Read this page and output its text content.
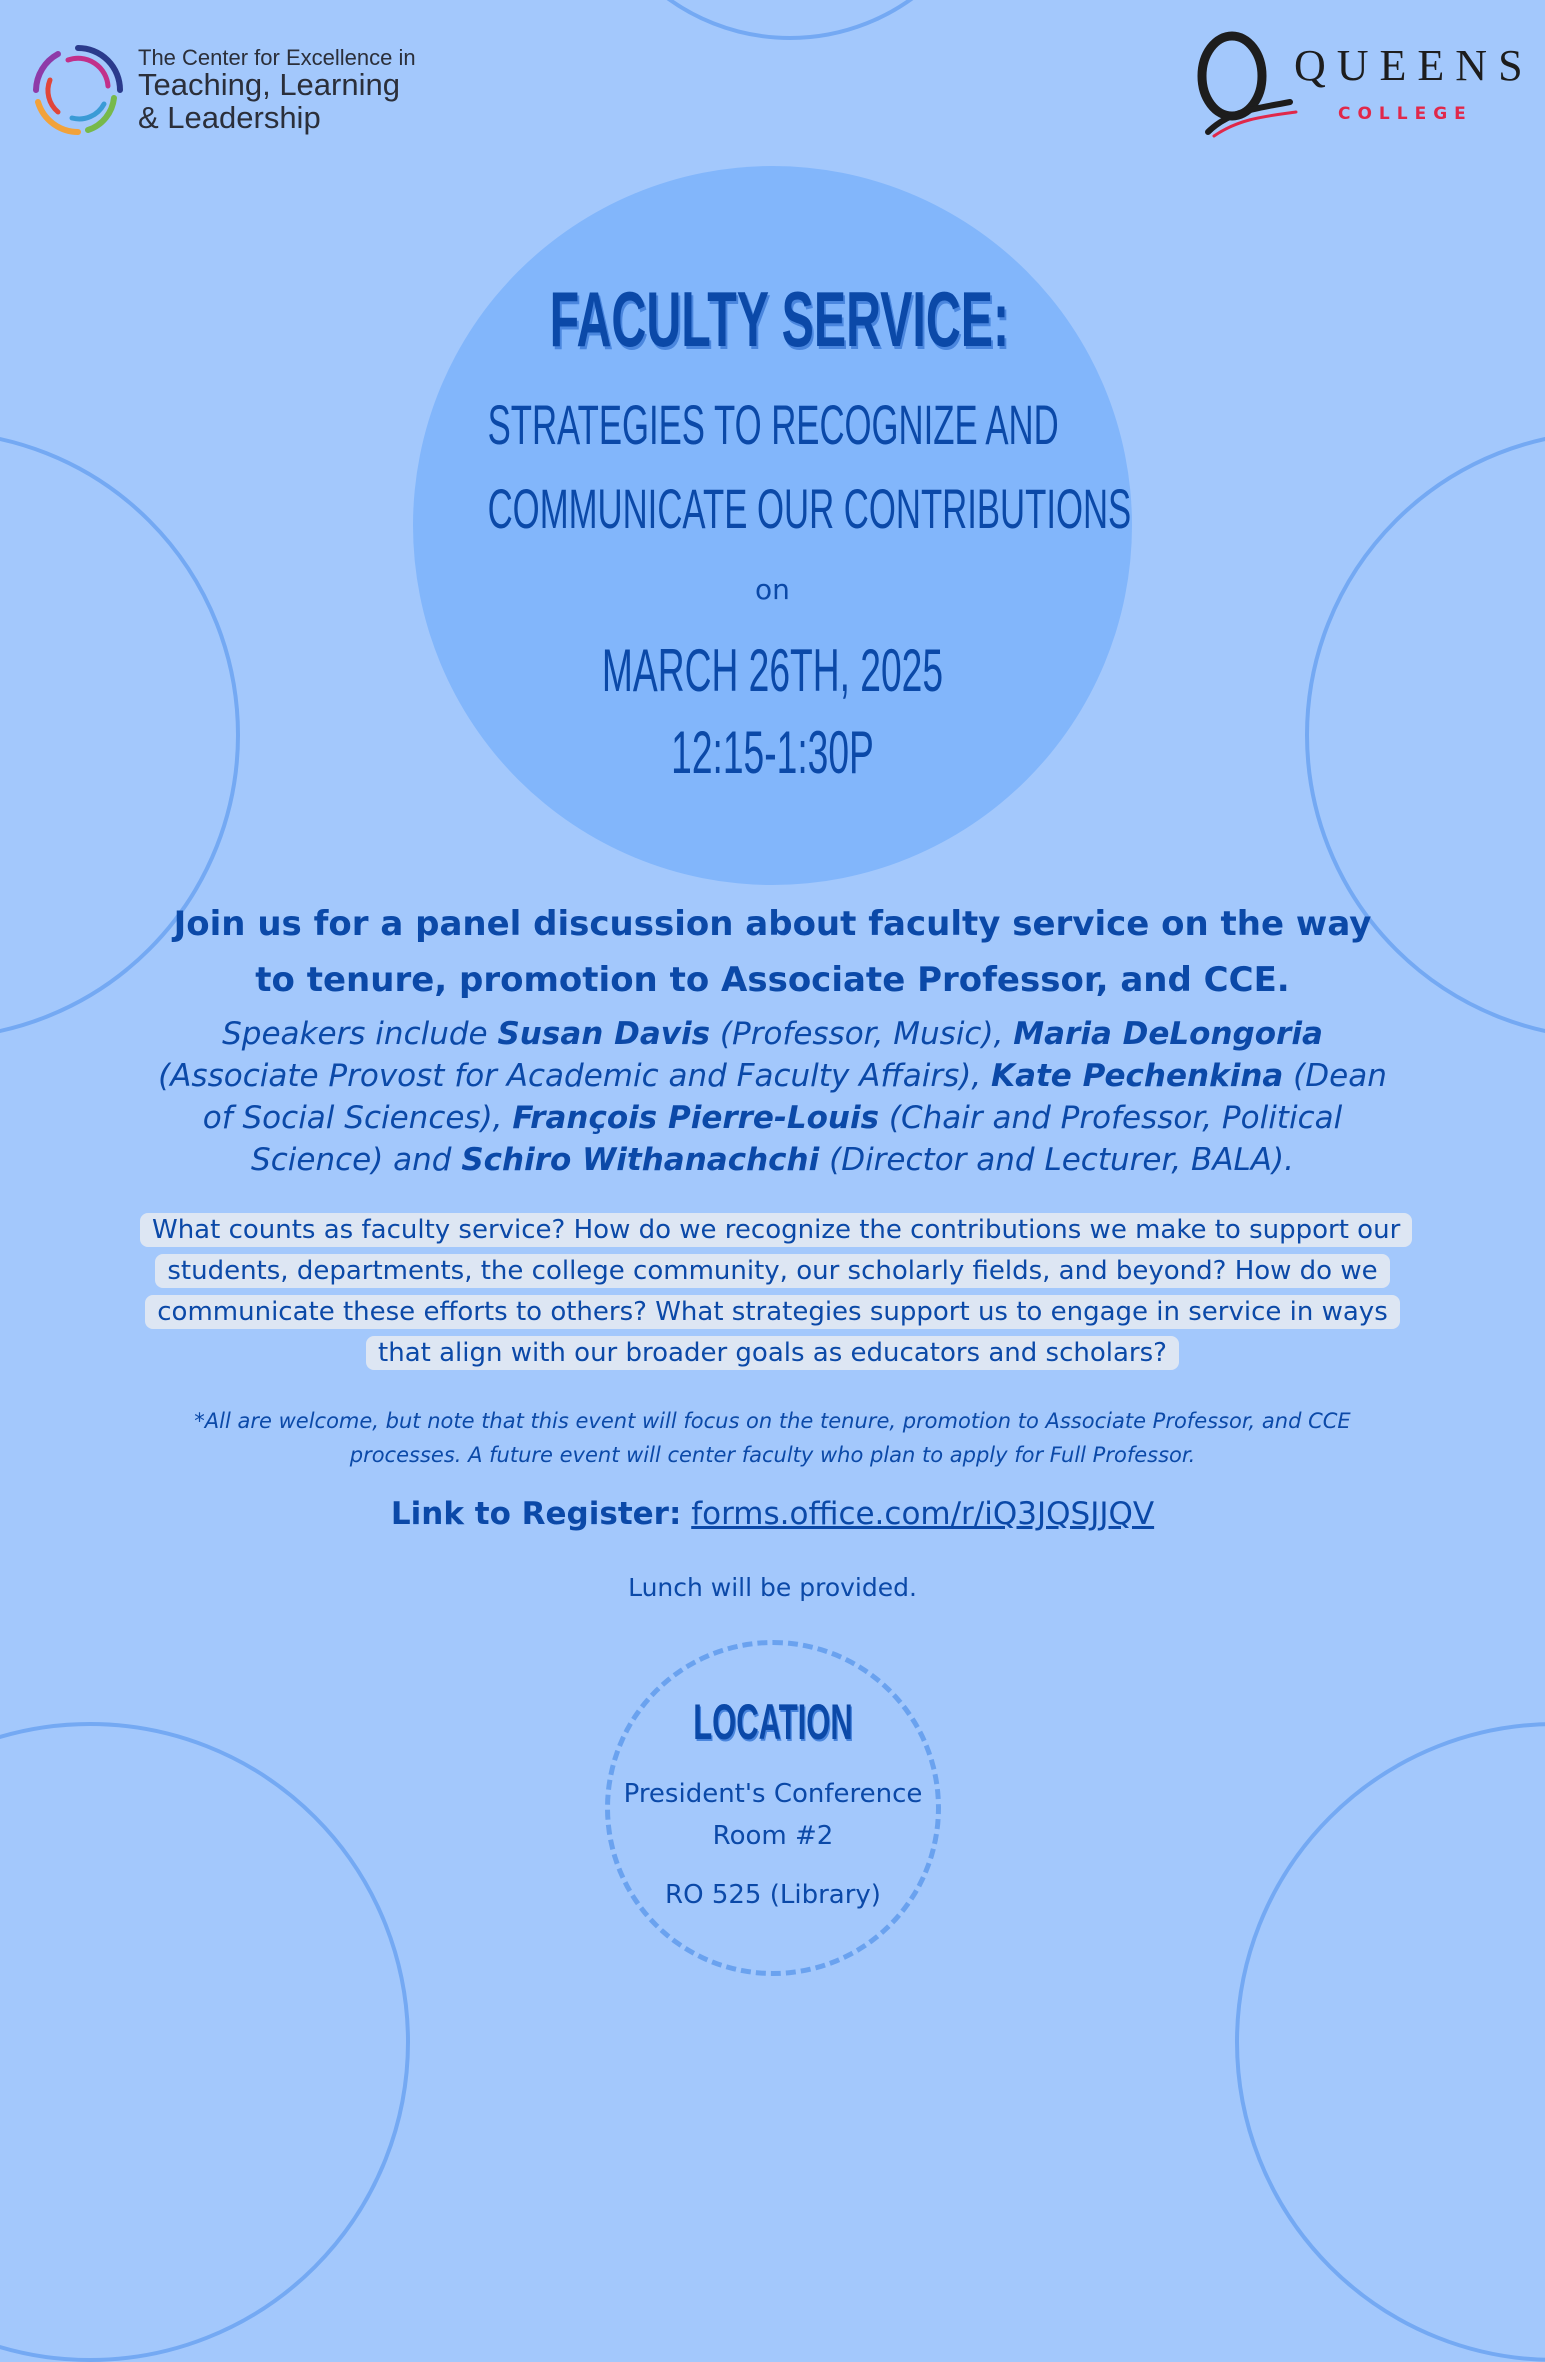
The Center for Excellence in
Teaching, Learning
& Leadership
QUEENS
COLLEGE
FACULTY SERVICE:
STRATEGIES TO RECOGNIZE AND
COMMUNICATE OUR CONTRIBUTIONS
on
MARCH 26TH, 2025
12:15-1:30P
Join us for a panel discussion about faculty service on the way to tenure, promotion to Associate Professor, and CCE.
Speakers include Susan Davis (Professor, Music), Maria DeLongoria (Associate Provost for Academic and Faculty Affairs), Kate Pechenkina (Dean of Social Sciences), François Pierre-Louis (Chair and Professor, Political Science) and Schiro Withanachchi (Director and Lecturer, BALA).
What counts as faculty service? How do we recognize the contributions we make to support our students, departments, the college community, our scholarly fields, and beyond? How do we communicate these efforts to others? What strategies support us to engage in service in ways that align with our broader goals as educators and scholars?
*All are welcome, but note that this event will focus on the tenure, promotion to Associate Professor, and CCE processes. A future event will center faculty who plan to apply for Full Professor.
Link to Register: forms.office.com/r/iQ3JQSJJQV
Lunch will be provided.
LOCATION
President's Conference Room #2
RO 525 (Library)
